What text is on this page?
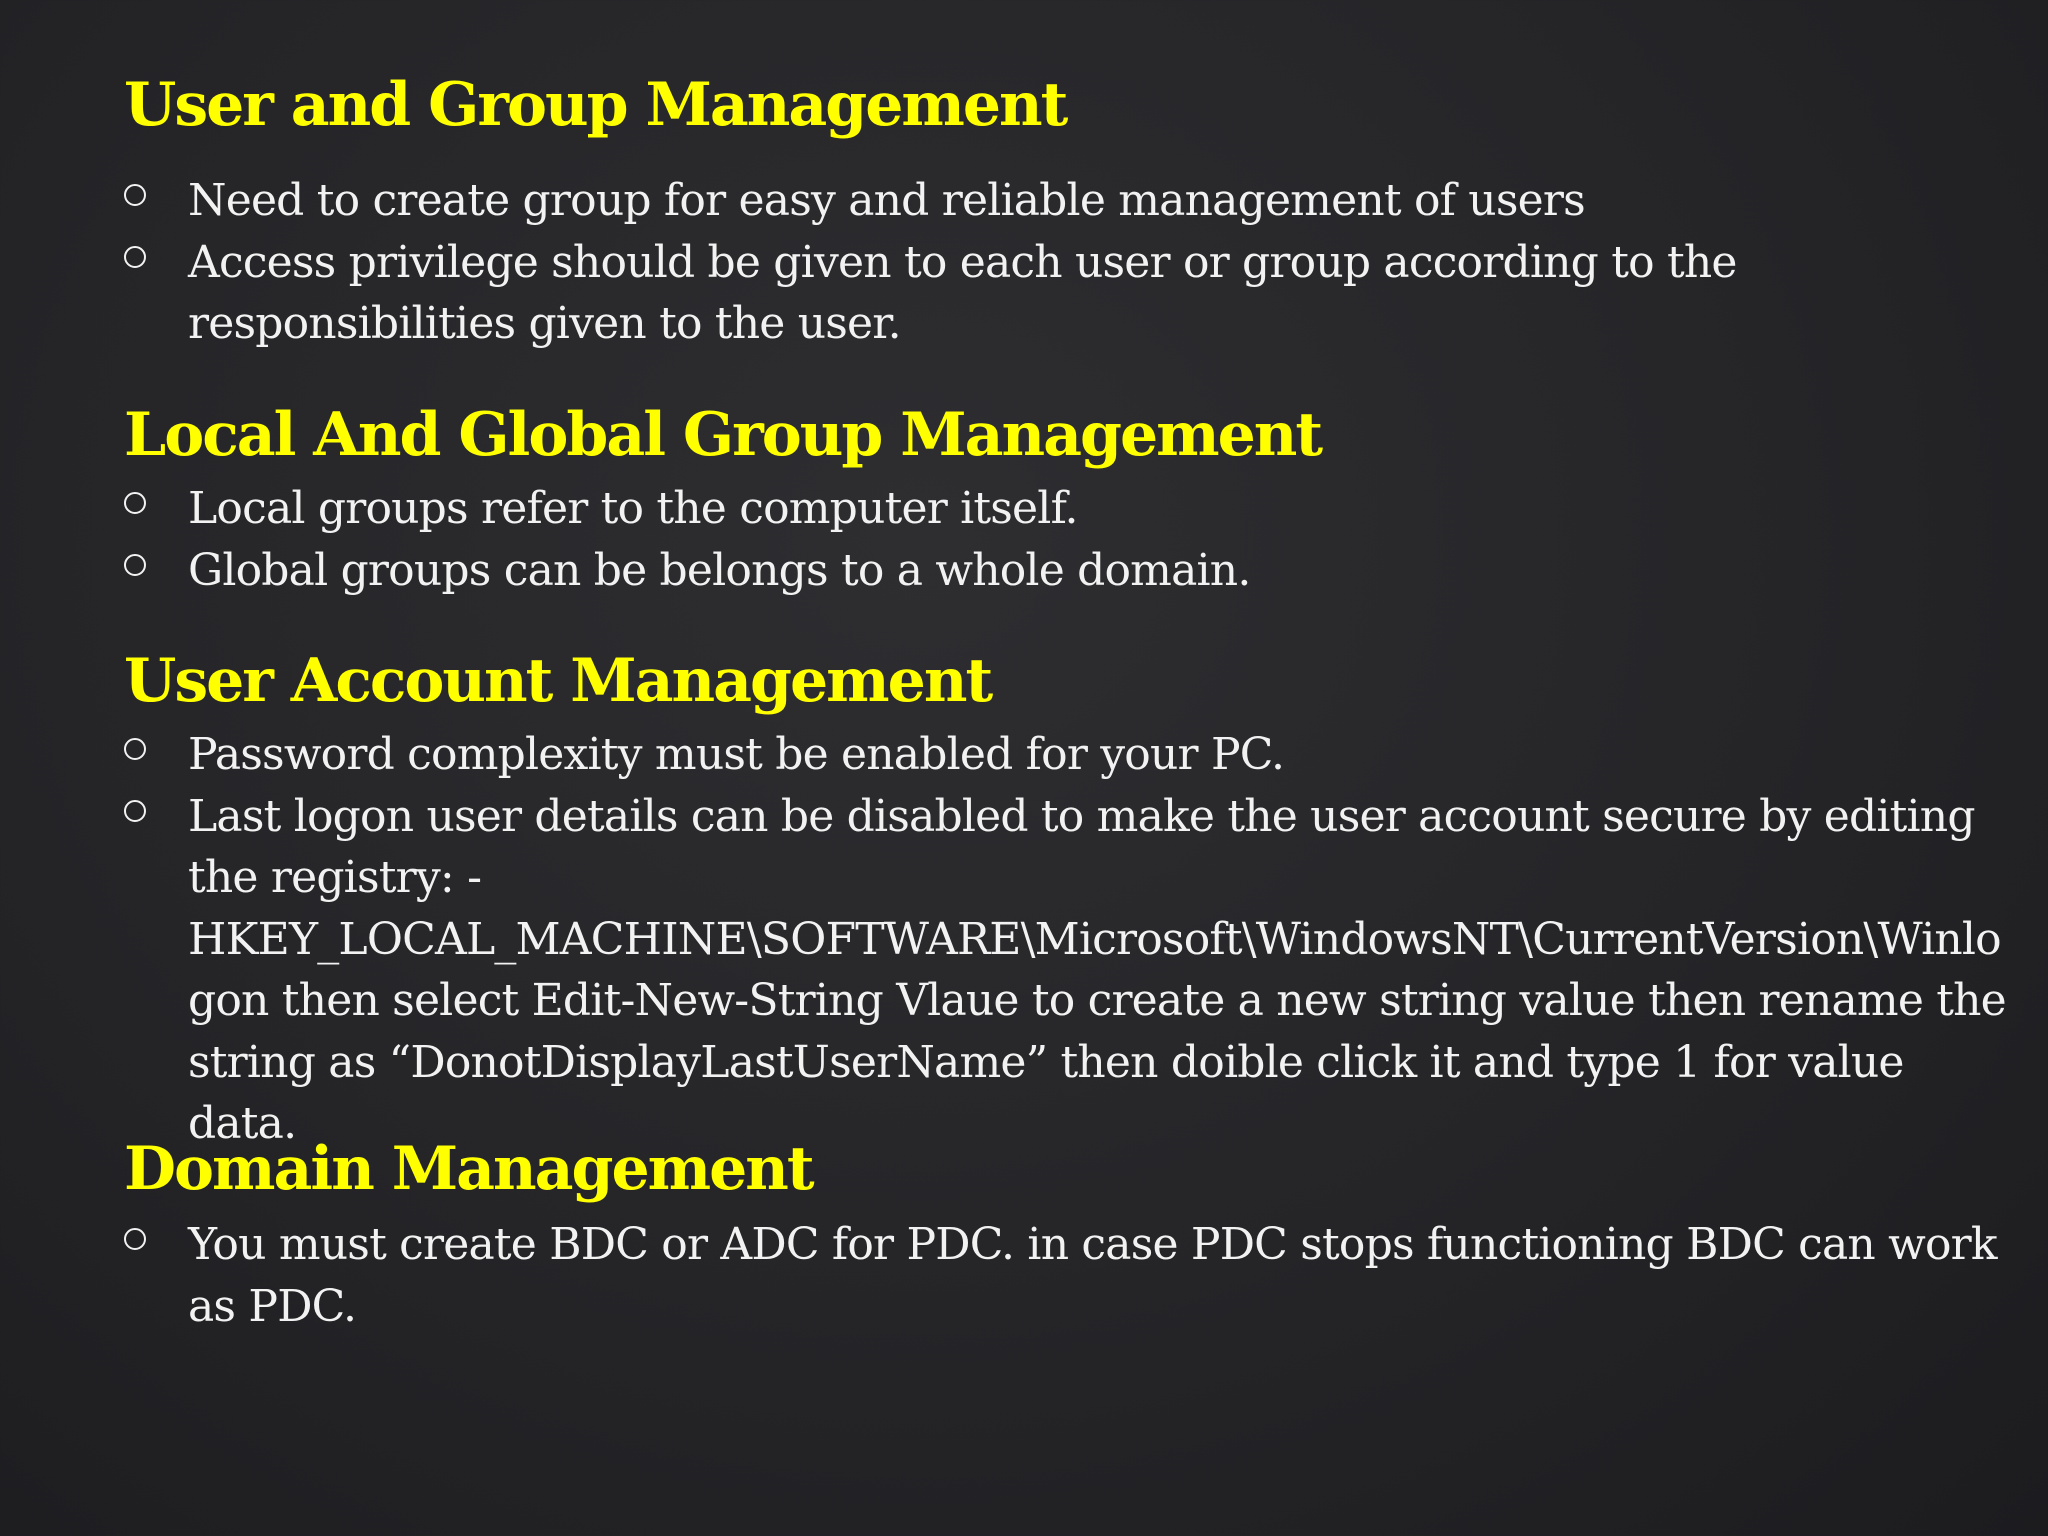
User and Group Management
Need to create group for easy and reliable management of users
Access privilege should be given to each user or group according to the responsibilities given to the user.
Local And Global Group Management
Local groups refer to the computer itself.
Global groups can be belongs to a whole domain.
User Account Management
Password complexity must be enabled for your PC.
Last logon user details can be disabled to make the user account secure by editing the registry: - HKEY_LOCAL_MACHINE\SOFTWARE\Microsoft\WindowsNT\CurrentVersion\Winlogon then select Edit-New-String Vlaue to create a new string value then rename the string as “DonotDisplayLastUserName” then doible click it and type 1 for value data.
Domain Management
You must create BDC or ADC for PDC. in case PDC stops functioning BDC can work as PDC.
